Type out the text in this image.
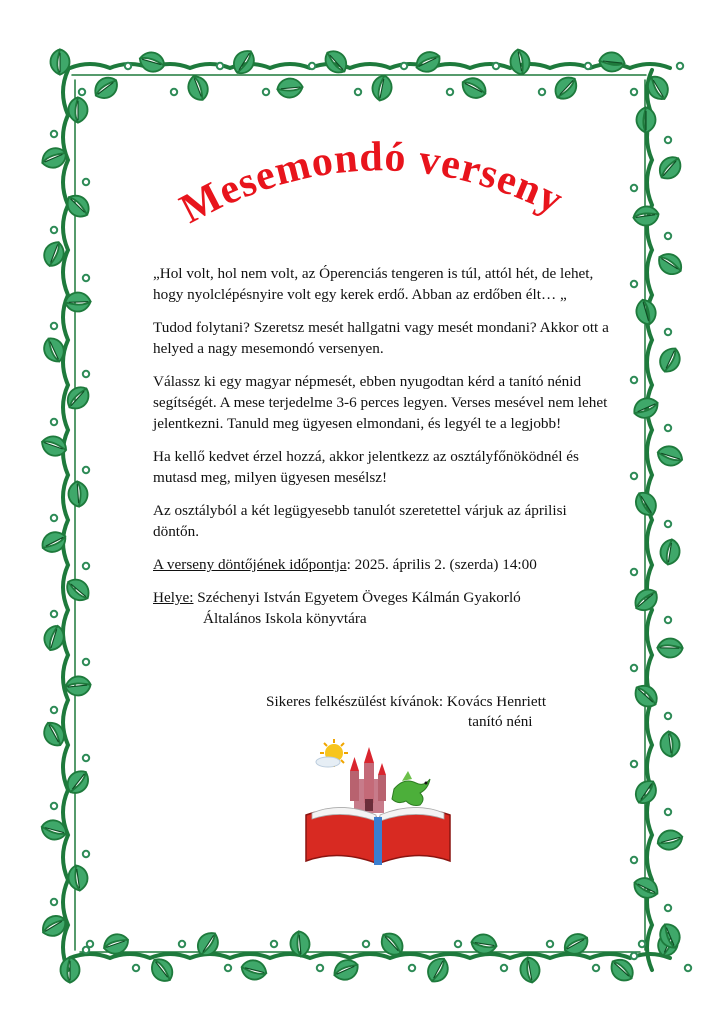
Mesemondó verseny

„Hol volt, hol nem volt, az Óperenciás tengeren is túl, attól hét, de lehet, hogy nyolclépésnyire volt egy kerek erdő. Abban az erdőben élt… „

Tudod folytani? Szeretsz mesét hallgatni vagy mesét mondani? Akkor ott a helyed a nagy mesemondó versenyen.

Válassz ki egy magyar népmesét, ebben nyugodtan kérd a tanító nénid segítségét. A mese terjedelme 3-6 perces legyen. Verses mesével nem lehet jelentkezni. Tanuld meg ügyesen elmondani, és legyél te a legjobb!

Ha kellő kedvet érzel hozzá, akkor jelentkezz az osztályfőnöködnél és mutasd meg, milyen ügyesen mesélsz!

Az osztályból a két legügyesebb tanulót szeretettel várjuk az áprilisi döntőn.

A verseny döntőjének időpontja: 2025. április 2. (szerda) 14:00

Helye: Széchenyi István Egyetem Öveges Kálmán Gyakorló
Általános Iskola könyvtára

Sikeres felkészülést kívánok: Kovács Henriett
tanító néni
